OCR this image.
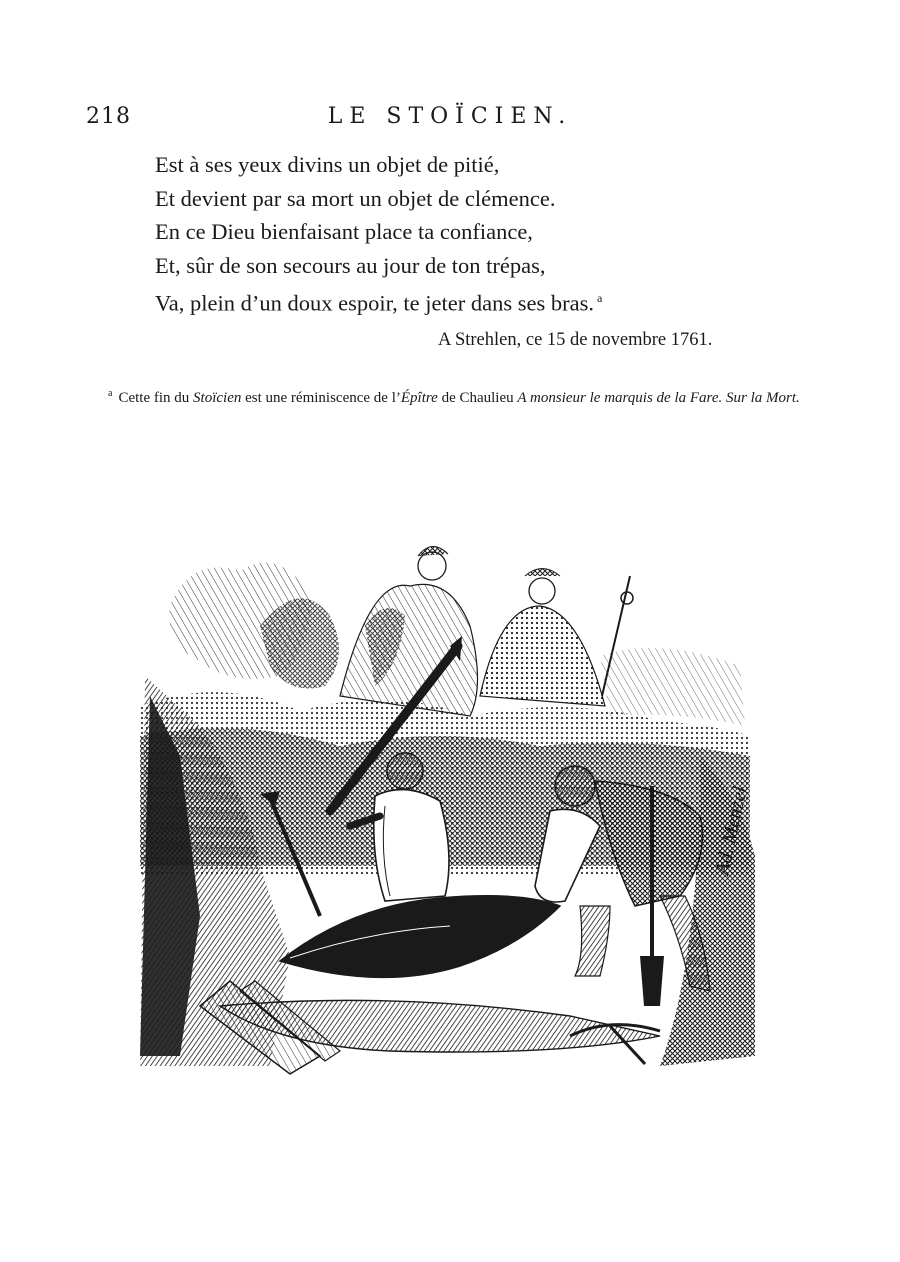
218	LE STOÏCIEN.
Est à ses yeux divins un objet de pitié,
Et devient par sa mort un objet de clémence.
En ce Dieu bienfaisant place ta confiance,
Et, sûr de son secours au jour de ton trépas,
Va, plein d’un doux espoir, te jeter dans ses bras. $^a$
A Strehlen, ce 15 de novembre 1761.
$^a$ Cette fin du Stoïcien est une réminiscence de l’Épître de Chaulieu A monsieur le marquis de la Fare. Sur la Mort.
Ad. Menzel
